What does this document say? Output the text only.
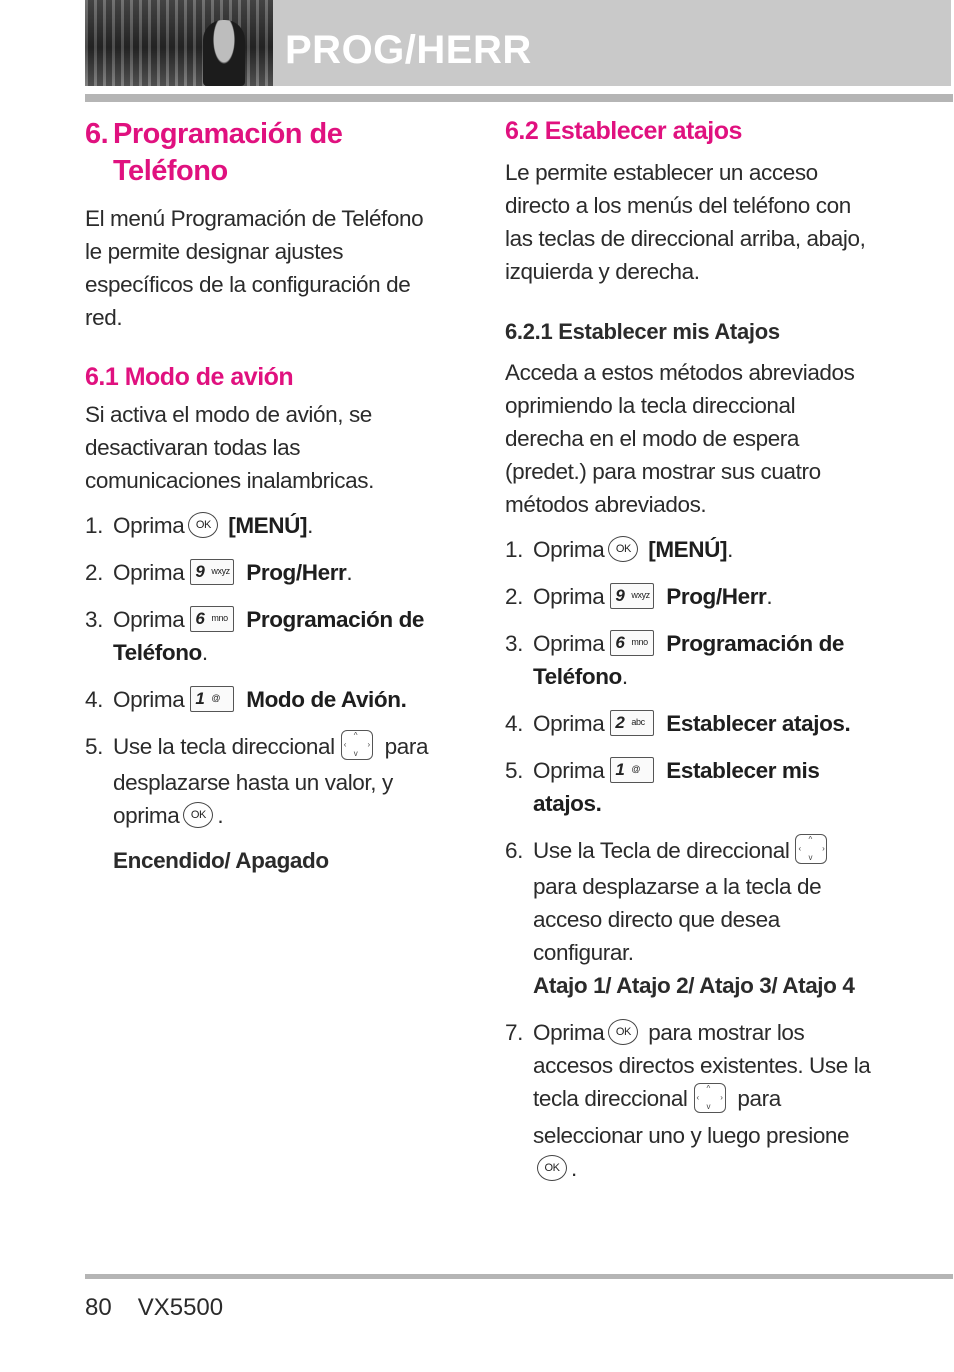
PROG/HERR
6. Programación de
Teléfono

El menú Programación de Teléfono le permite designar ajustes específicos de la configuración de red.

6.1 Modo de avión

Si activa el modo de avión, se desactivaran todas las comunicaciones inalambricas.

1. Oprima OK [MENÚ].
2. Oprima 9 wxyz Prog/Herr.
3. Oprima 6 mno Programación de Teléfono.
4. Oprima 1 @ Modo de Avión.
5. Use la tecla direccional ^
v
‹	› para desplazarse hasta un valor, y oprima OK .
Encendido/ Apagado
6.2 Establecer atajos

Le permite establecer un acceso directo a los menús del teléfono con las teclas de direccional arriba, abajo, izquierda y derecha.

6.2.1 Establecer mis Atajos

Acceda a estos métodos abreviados oprimiendo la tecla direccional derecha en el modo de espera (predet.) para mostrar sus cuatro métodos abreviados.

1. Oprima OK [MENÚ].
2. Oprima 9 wxyz Prog/Herr.
3. Oprima 6 mno Programación de Teléfono.
4. Oprima 2 abc Establecer atajos.
5. Oprima 1 @ Establecer mis atajos.
6. Use la Tecla de direccional ^
v
‹	›
para desplazarse a la tecla de acceso directo que desea configurar.
Atajo 1/ Atajo 2/ Atajo 3/ Atajo 4
7. Oprima OK para mostrar los accesos directos existentes. Use la tecla direccional ^
v
‹	› para seleccionar uno y luego presione OK .
80 VX5500
